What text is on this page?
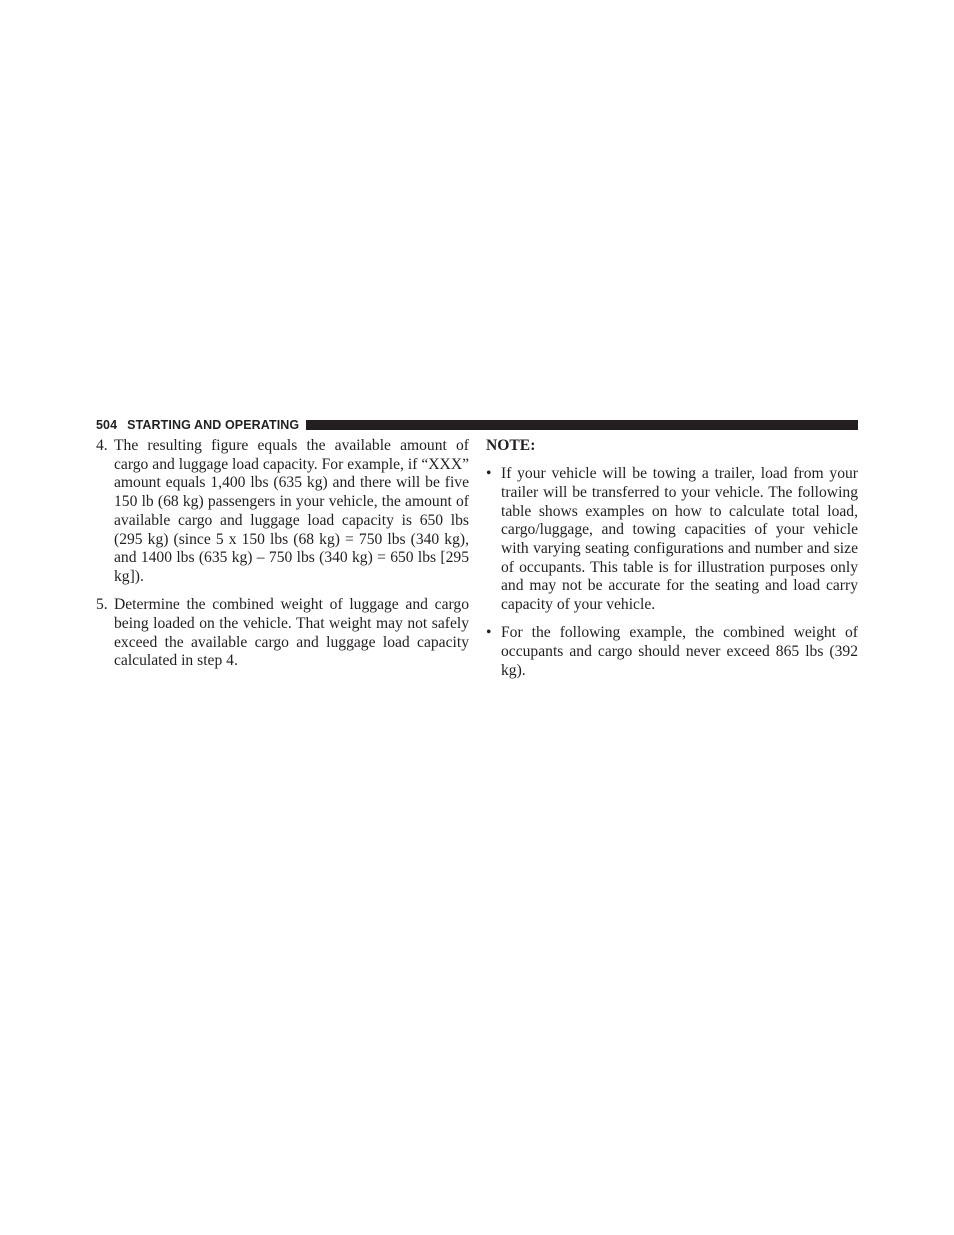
504 STARTING AND OPERATING
4. The resulting figure equals the available amount of cargo and luggage load capacity. For example, if “XXX” amount equals 1,400 lbs (635 kg) and there will be five 150 lb (68 kg) passengers in your vehicle, the amount of available cargo and luggage load capacity is 650 lbs (295 kg) (since 5 x 150 lbs (68 kg) = 750 lbs (340 kg), and 1400 lbs (635 kg) – 750 lbs (340 kg) = 650 lbs [295 kg]).

5. Determine the combined weight of luggage and cargo being loaded on the vehicle. That weight may not safely exceed the available cargo and luggage load capacity calculated in step 4.

NOTE:

• If your vehicle will be towing a trailer, load from your trailer will be transferred to your vehicle. The following table shows examples on how to calculate total load, cargo/luggage, and towing capacities of your vehicle with varying seating configurations and number and size of occupants. This table is for illustration purposes only and may not be accurate for the seating and load carry capacity of your vehicle.

• For the following example, the combined weight of occupants and cargo should never exceed 865 lbs (392 kg).
